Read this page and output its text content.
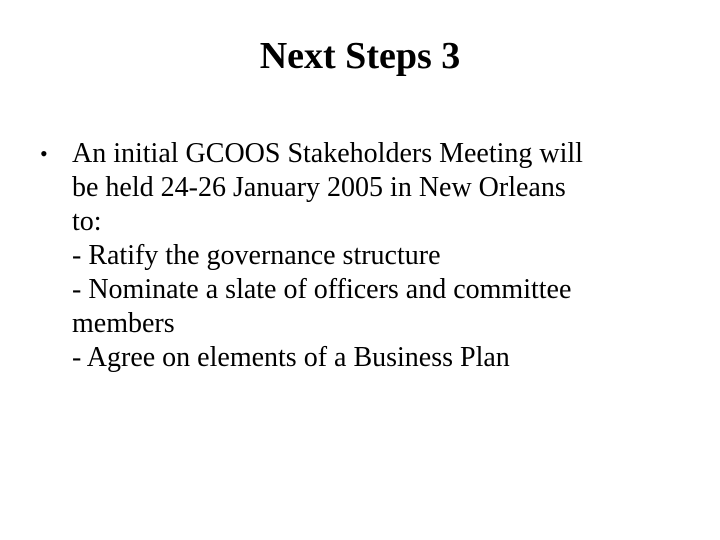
Next Steps 3
• An initial GCOOS Stakeholders Meeting will
be held 24-26 January 2005 in New Orleans
to:
- Ratify the governance structure
- Nominate a slate of officers and committee
members
- Agree on elements of a Business Plan
